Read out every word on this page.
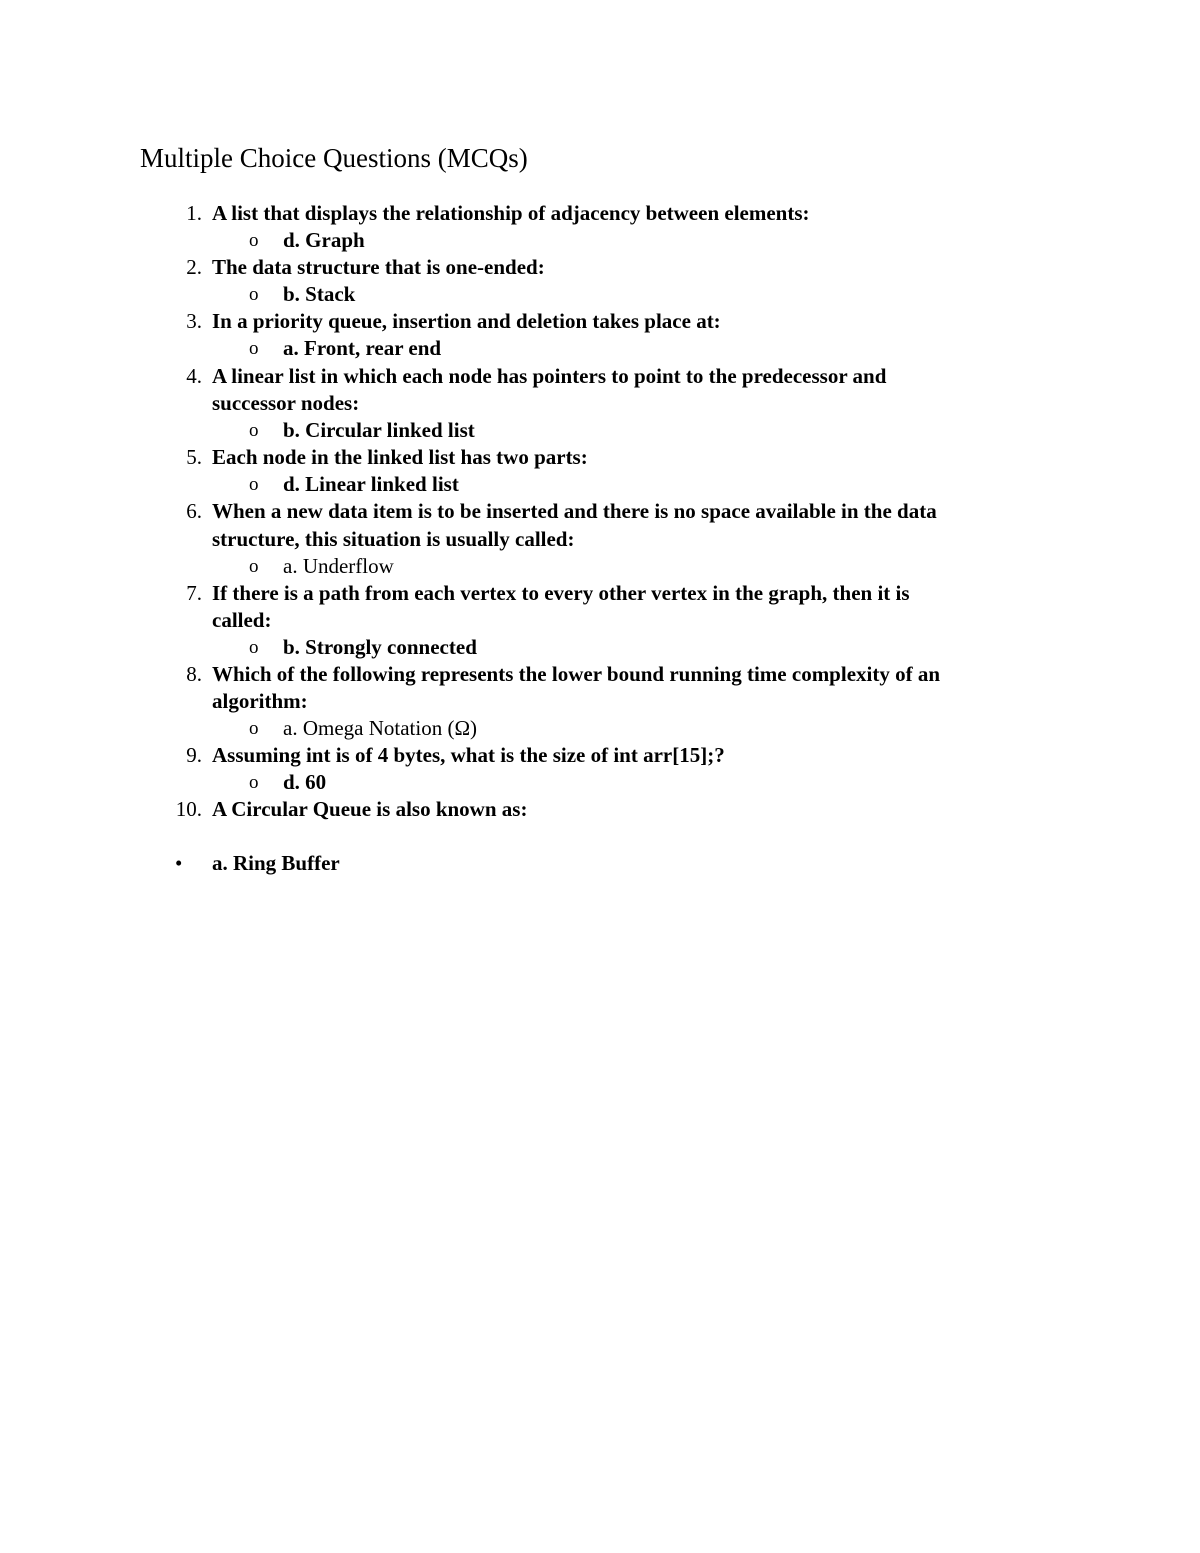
Multiple Choice Questions (MCQs)
1. A list that displays the relationship of adjacency between elements:
o d. Graph
2. The data structure that is one-ended:
o b. Stack
3. In a priority queue, insertion and deletion takes place at:
o a. Front, rear end
4. A linear list in which each node has pointers to point to the predecessor and
successor nodes:
o b. Circular linked list
5. Each node in the linked list has two parts:
o d. Linear linked list
6. When a new data item is to be inserted and there is no space available in the data
structure, this situation is usually called:
o a. Underflow
7. If there is a path from each vertex to every other vertex in the graph, then it is
called:
o b. Strongly connected
8. Which of the following represents the lower bound running time complexity of an
algorithm:
o a. Omega Notation (Ω)
9. Assuming int is of 4 bytes, what is the size of int arr[15];?
o d. 60
10. A Circular Queue is also known as:
• a. Ring Buffer
